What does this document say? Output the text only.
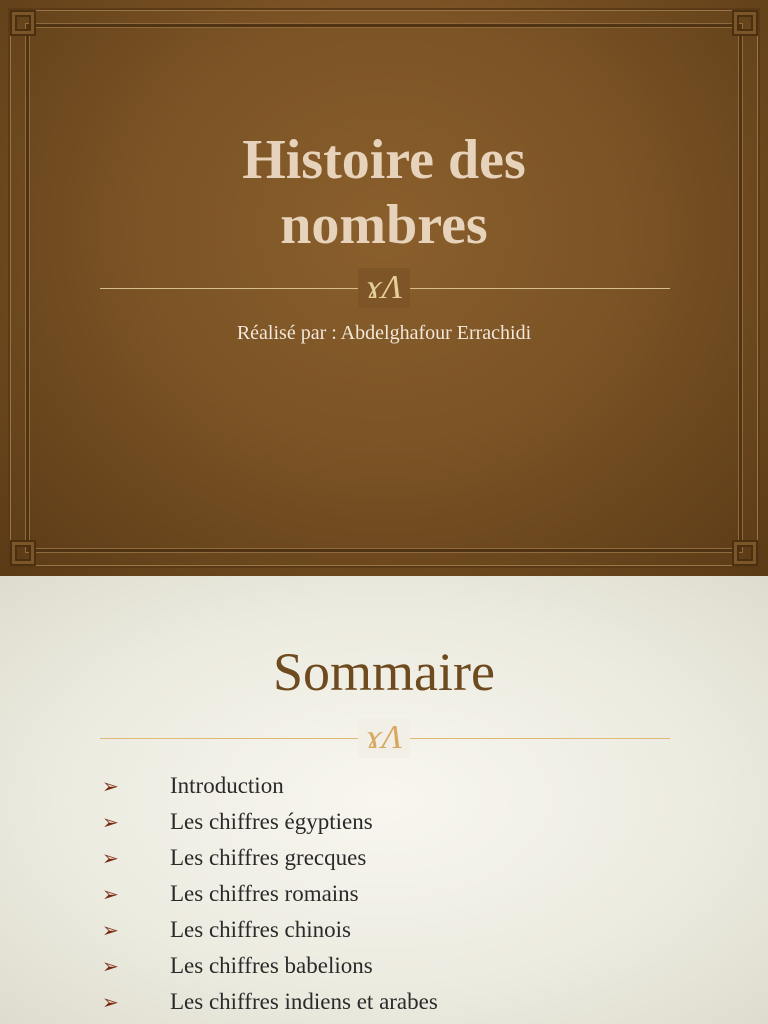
Histoire des
nombres
ɤɅ

Réalisé par : Abdelghafour Errachidi

Sommaire
ɤɅ
➢	Introduction
➢	Les chiffres égyptiens
➢	Les chiffres grecques
➢	Les chiffres romains
➢	Les chiffres chinois
➢	Les chiffres babelions
➢	Les chiffres indiens et arabes
